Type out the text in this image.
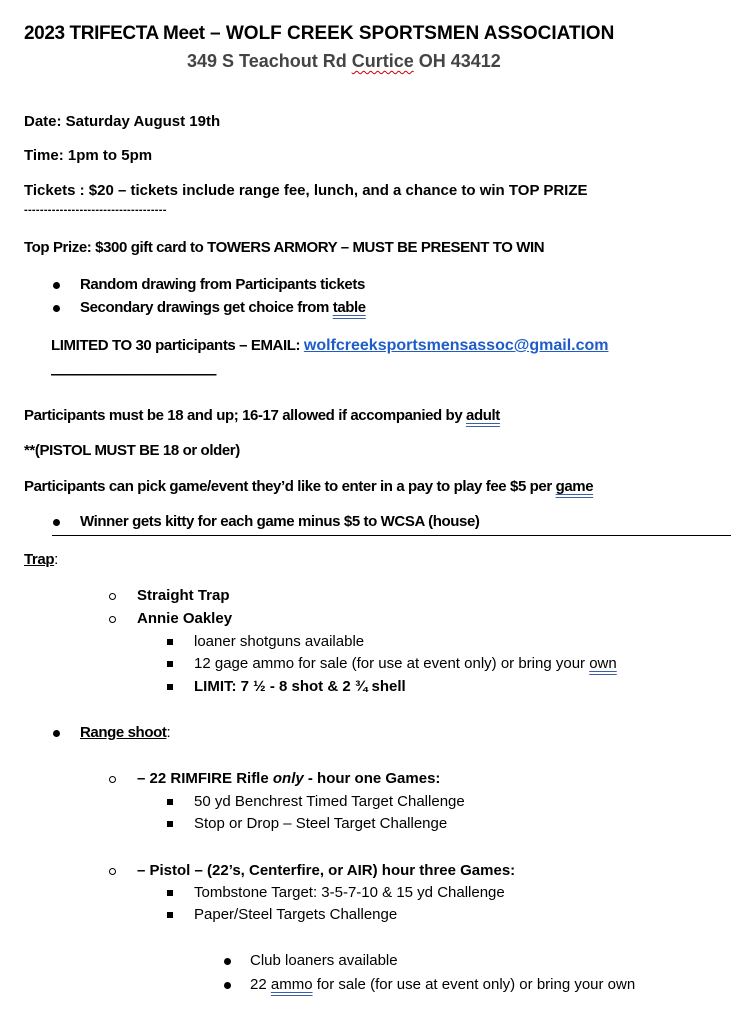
2023 TRIFECTA Meet – WOLF CREEK SPORTSMEN ASSOCIATION
349 S Teachout Rd Curtice OH 43412
Date: Saturday August 19th
Time: 1pm to 5pm
Tickets : $20 – tickets include range fee, lunch, and a chance to win TOP PRIZE
------------------------------------
Top Prize: $300 gift card to TOWERS ARMORY – MUST BE PRESENT TO WIN
Random drawing from Participants tickets
Secondary drawings get choice from table
LIMITED TO 30 participants – EMAIL: wolfcreeksportsmensassoc@gmail.com
——————————————
Participants must be 18 and up; 16-17 allowed if accompanied by adult
**(PISTOL MUST BE 18 or older)
Participants can pick game/event they’d like to enter in a pay to play fee $5 per game
Winner gets kitty for each game minus $5 to WCSA (house)
Trap:
Straight Trap
Annie Oakley
loaner shotguns available
12 gage ammo for sale (for use at event only) or bring your own
LIMIT: 7 ½ - 8 shot & 2 ¾ shell
Range shoot:
– 22 RIMFIRE Rifle only - hour one Games:
50 yd Benchrest Timed Target Challenge
Stop or Drop – Steel Target Challenge
– Pistol – (22’s, Centerfire, or AIR) hour three Games:
Tombstone Target: 3-5-7-10 & 15 yd Challenge
Paper/Steel Targets Challenge
Club loaners available
22 ammo for sale (for use at event only) or bring your own
